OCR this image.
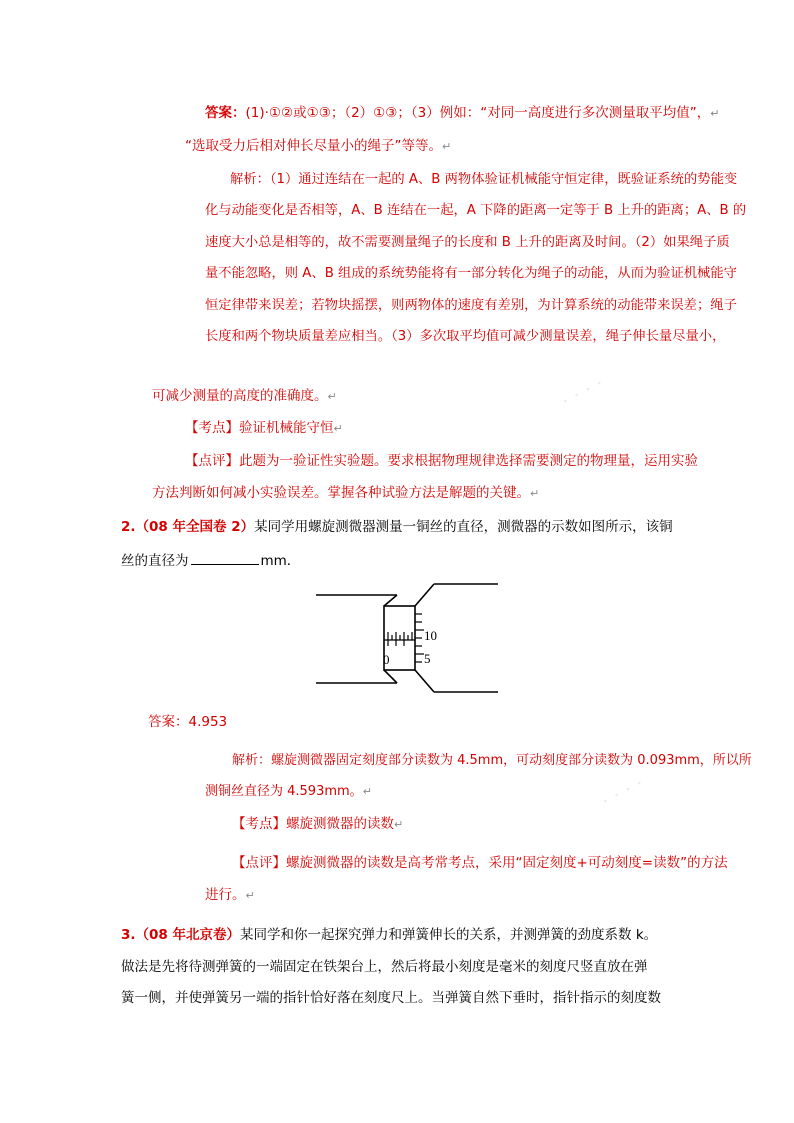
· · · ·
· · · ·
答案：(1)·①②或①③；（2）①③；（3）例如：“对同一高度进行多次测量取平均值”，↵
“选取受力后相对伸长尽量小的绳子”等等。↵
解析：（1）通过连结在一起的 A、B 两物体验证机械能守恒定律，既验证系统的势能变
化与动能变化是否相等，A、B 连结在一起，A 下降的距离一定等于 B 上升的距离；A、B 的
速度大小总是相等的，故不需要测量绳子的长度和 B 上升的距离及时间。（2）如果绳子质
量不能忽略，则 A、B 组成的系统势能将有一部分转化为绳子的动能，从而为验证机械能守
恒定律带来误差；若物块摇摆，则两物体的速度有差别，为计算系统的动能带来误差；绳子
长度和两个物块质量差应相当。（3）多次取平均值可减少测量误差，绳子伸长量尽量小，
可减少测量的高度的准确度。↵
【考点】验证机械能守恒↵
【点评】此题为一验证性实验题。要求根据物理规律选择需要测定的物理量，运用实验
方法判断如何减小实验误差。掌握各种试验方法是解题的关键。↵
2.（08 年全国卷 2）某同学用螺旋测微器测量一铜丝的直径，测微器的示数如图所示，该铜
丝的直径为	mm．
10
0	5
答案：4.953
解析：螺旋测微器固定刻度部分读数为 4.5mm，可动刻度部分读数为 0.093mm，所以所
测铜丝直径为 4.593mm。↵
【考点】螺旋测微器的读数↵
【点评】螺旋测微器的读数是高考常考点，采用“固定刻度+可动刻度=读数”的方法
进行。↵
3.（08 年北京卷）某同学和你一起探究弹力和弹簧伸长的关系，并测弹簧的劲度系数 k。
做法是先将待测弹簧的一端固定在铁架台上，然后将最小刻度是毫米的刻度尺竖直放在弹
簧一侧，并使弹簧另一端的指针恰好落在刻度尺上。当弹簧自然下垂时，指针指示的刻度数
